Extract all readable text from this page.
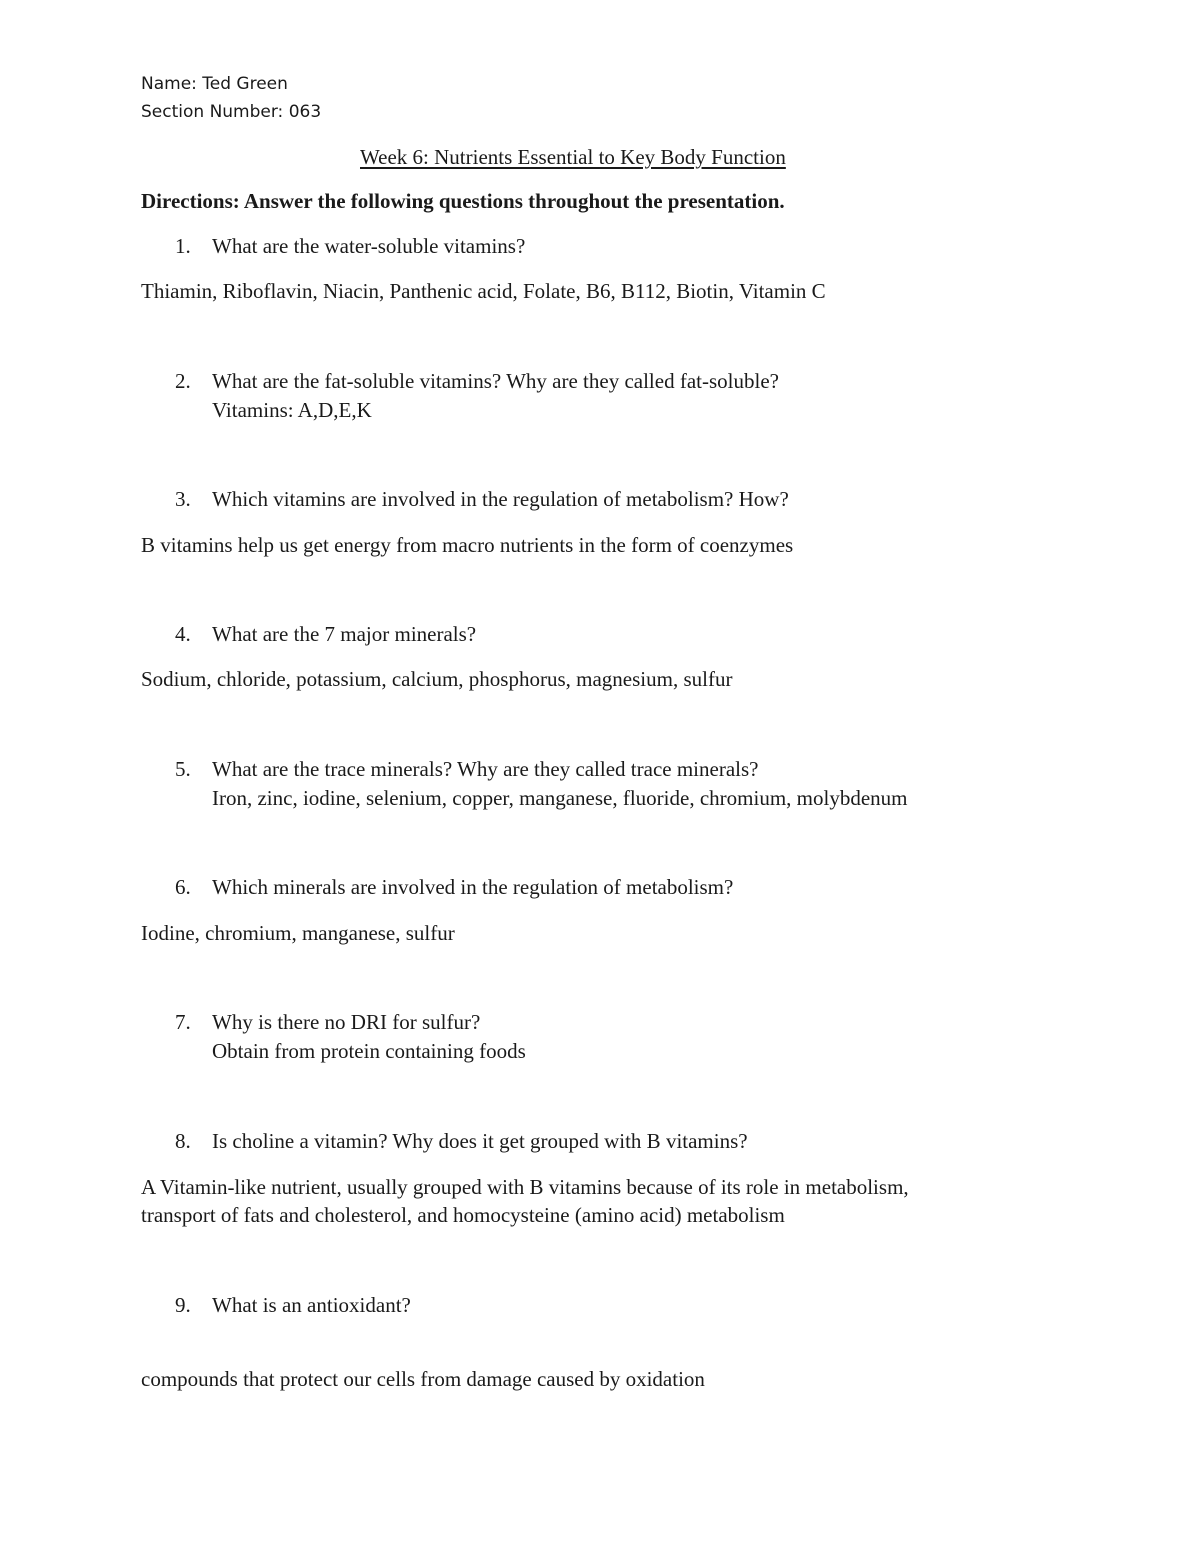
Name: Ted Green
Section Number: 063
Week 6: Nutrients Essential to Key Body Function
Directions: Answer the following questions throughout the presentation.
1. What are the water-soluble vitamins?
Thiamin, Riboflavin, Niacin, Panthenic acid, Folate, B6, B112, Biotin, Vitamin C
2. What are the fat-soluble vitamins? Why are they called fat-soluble?
Vitamins: A,D,E,K
3. Which vitamins are involved in the regulation of metabolism? How?
B vitamins help us get energy from macro nutrients in the form of coenzymes
4. What are the 7 major minerals?
Sodium, chloride, potassium, calcium, phosphorus, magnesium, sulfur
5. What are the trace minerals? Why are they called trace minerals?
Iron, zinc, iodine, selenium, copper, manganese, fluoride, chromium, molybdenum
6. Which minerals are involved in the regulation of metabolism?
Iodine, chromium, manganese, sulfur
7. Why is there no DRI for sulfur?
Obtain from protein containing foods
8. Is choline a vitamin? Why does it get grouped with B vitamins?
A Vitamin-like nutrient, usually grouped with B vitamins because of its role in metabolism,
transport of fats and cholesterol, and homocysteine (amino acid) metabolism
9. What is an antioxidant?
compounds that protect our cells from damage caused by oxidation
